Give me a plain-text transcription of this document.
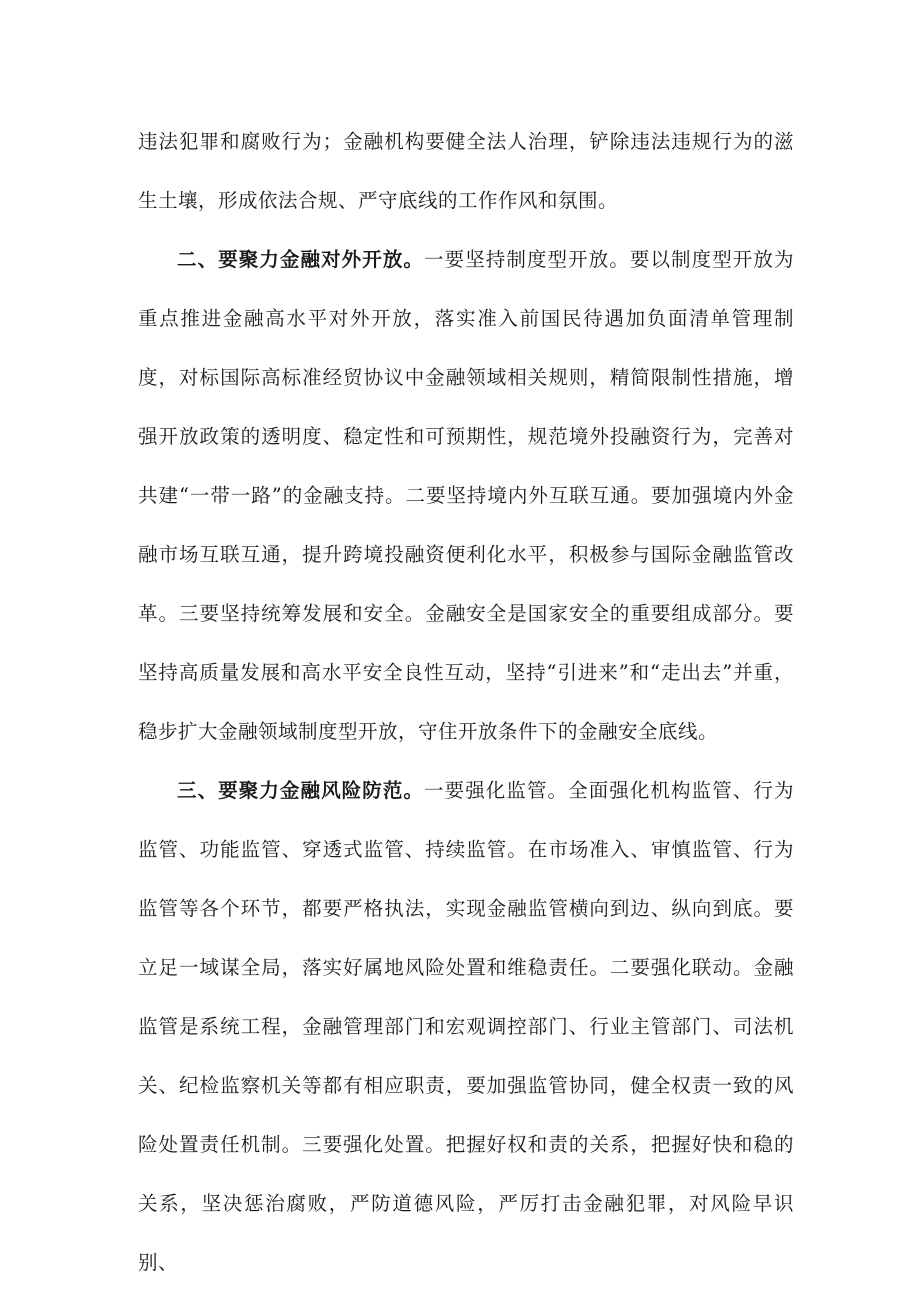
违法犯罪和腐败行为；金融机构要健全法人治理，铲除违法违规行为的滋生土壤，形成依法合规、严守底线的工作作风和氛围。

二、要聚力金融对外开放。一要坚持制度型开放。要以制度型开放为重点推进金融高水平对外开放，落实准入前国民待遇加负面清单管理制度，对标国际高标准经贸协议中金融领域相关规则，精简限制性措施，增强开放政策的透明度、稳定性和可预期性，规范境外投融资行为，完善对共建“一带一路”的金融支持。二要坚持境内外互联互通。要加强境内外金融市场互联互通，提升跨境投融资便利化水平，积极参与国际金融监管改革。三要坚持统筹发展和安全。金融安全是国家安全的重要组成部分。要坚持高质量发展和高水平安全良性互动，坚持“引进来”和“走出去”并重，稳步扩大金融领域制度型开放，守住开放条件下的金融安全底线。

三、要聚力金融风险防范。一要强化监管。全面强化机构监管、行为监管、功能监管、穿透式监管、持续监管。在市场准入、审慎监管、行为监管等各个环节，都要严格执法，实现金融监管横向到边、纵向到底。要立足一域谋全局，落实好属地风险处置和维稳责任。二要强化联动。金融监管是系统工程，金融管理部门和宏观调控部门、行业主管部门、司法机关、纪检监察机关等都有相应职责，要加强监管协同，健全权责一致的风险处置责任机制。三要强化处置。把握好权和责的关系，把握好快和稳的关系，坚决惩治腐败，严防道德风险，严厉打击金融犯罪，对风险早识别、
